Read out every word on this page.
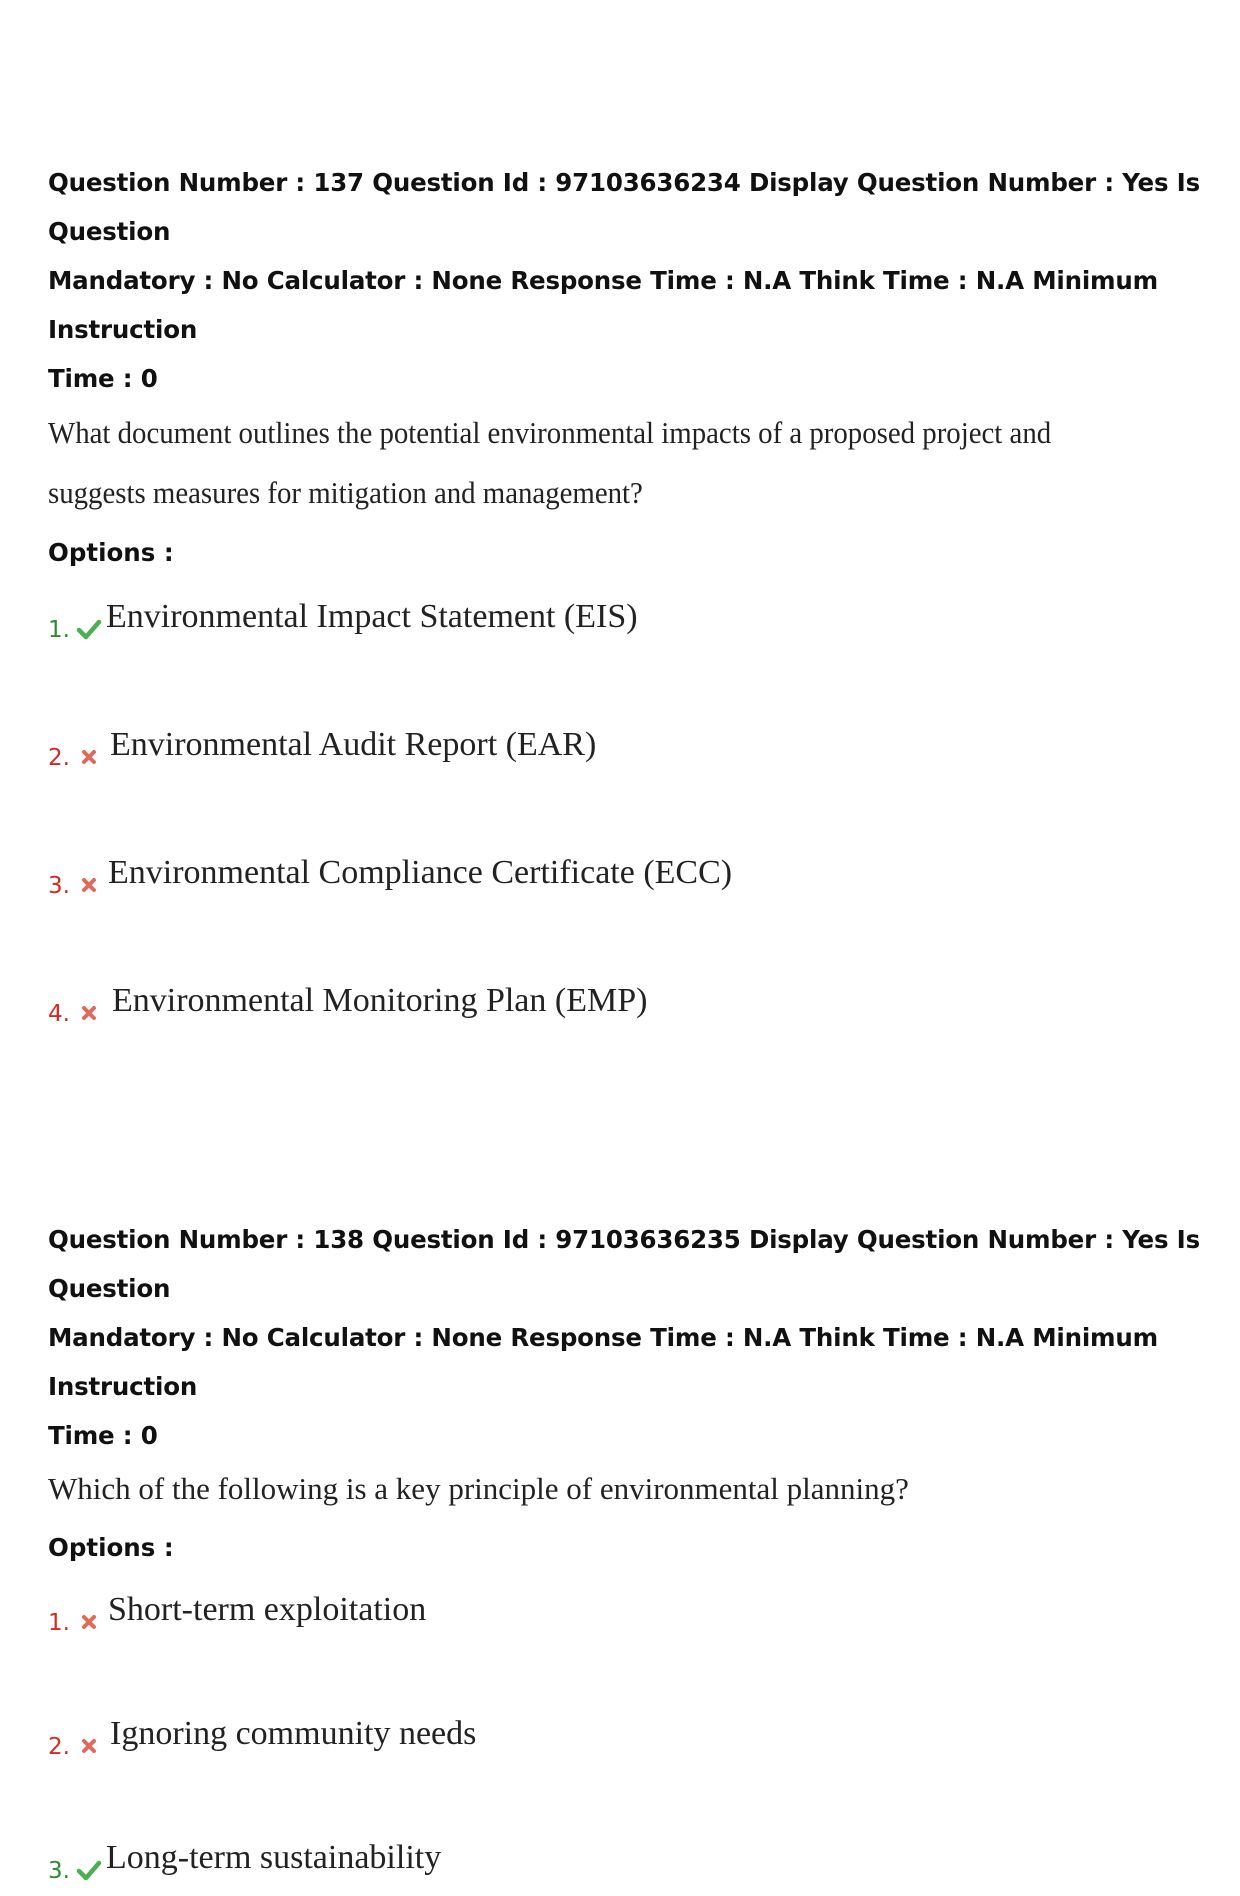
Question Number : 137 Question Id : 97103636234 Display Question Number : Yes Is Question

Mandatory : No Calculator : None Response Time : N.A Think Time : N.A Minimum Instruction

Time : 0

What document outlines the potential environmental impacts of a proposed project and

suggests measures for mitigation and management?

Options :

1. Environmental Impact Statement (EIS)
2. Environmental Audit Report (EAR)
3. Environmental Compliance Certificate (ECC)
4. Environmental Monitoring Plan (EMP)

Question Number : 138 Question Id : 97103636235 Display Question Number : Yes Is Question

Mandatory : No Calculator : None Response Time : N.A Think Time : N.A Minimum Instruction

Time : 0

Which of the following is a key principle of environmental planning?

Options :

1. Short-term exploitation
2. Ignoring community needs
3. Long-term sustainability
